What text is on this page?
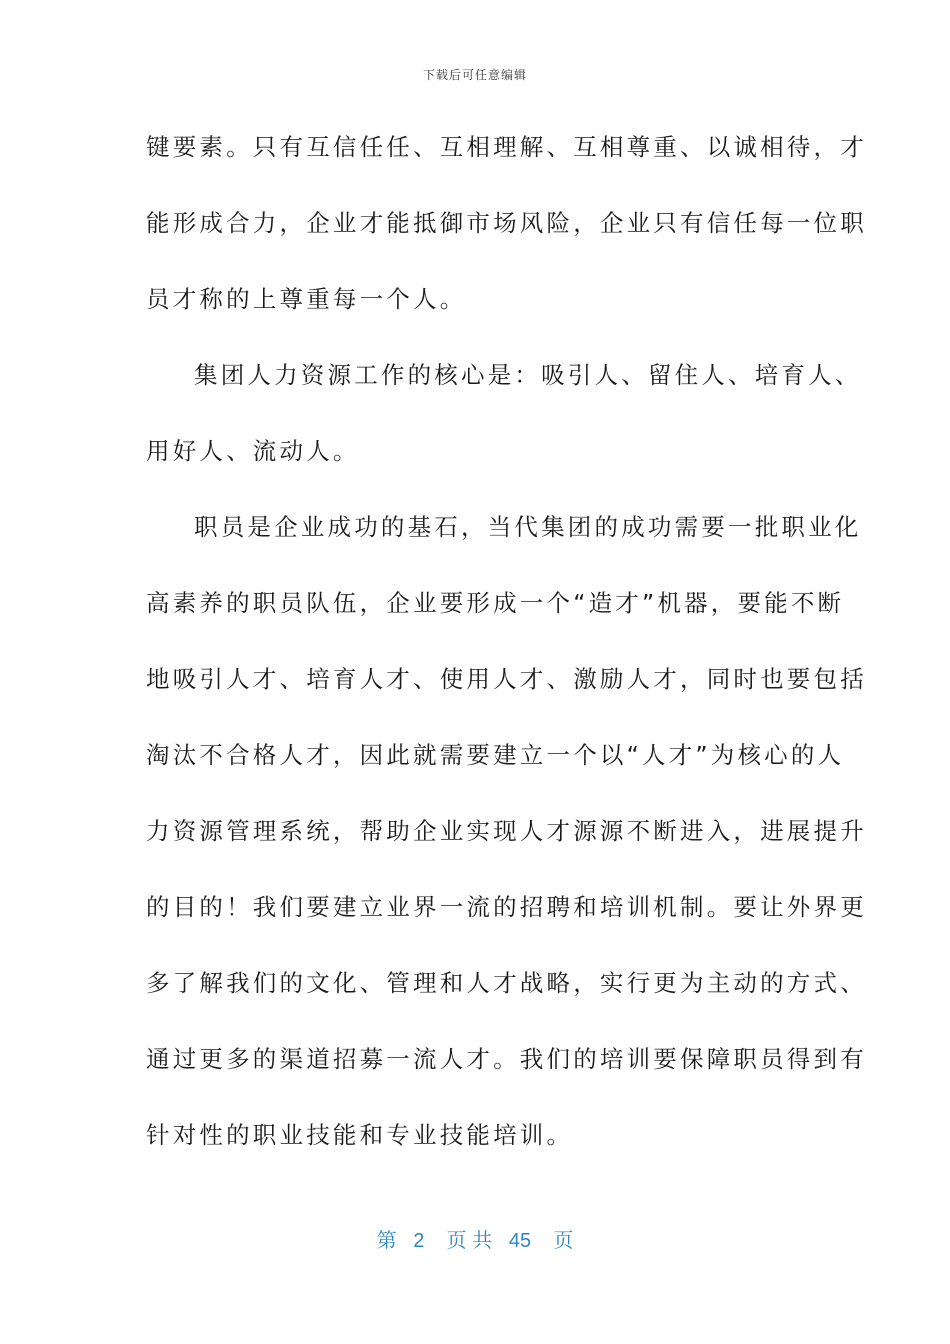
下载后可任意编辑
键要素。只有互信任任、互相理解、互相尊重、以诚相待，才
能形成合力，企业才能抵御市场风险，企业只有信任每一位职
员才称的上尊重每一个人。
集团人力资源工作的核心是：吸引人、留住人、培育人、
用好人、流动人。
职员是企业成功的基石，当代集团的成功需要一批职业化
高素养的职员队伍，企业要形成一个“造才”机器，要能不断
地吸引人才、培育人才、使用人才、激励人才，同时也要包括
淘汰不合格人才，因此就需要建立一个以“人才”为核心的人
力资源管理系统，帮助企业实现人才源源不断进入，进展提升
的目的！我们要建立业界一流的招聘和培训机制。要让外界更
多了解我们的文化、管理和人才战略，实行更为主动的方式、
通过更多的渠道招募一流人才。我们的培训要保障职员得到有
针对性的职业技能和专业技能培训。
第 2 页 共 45 页
